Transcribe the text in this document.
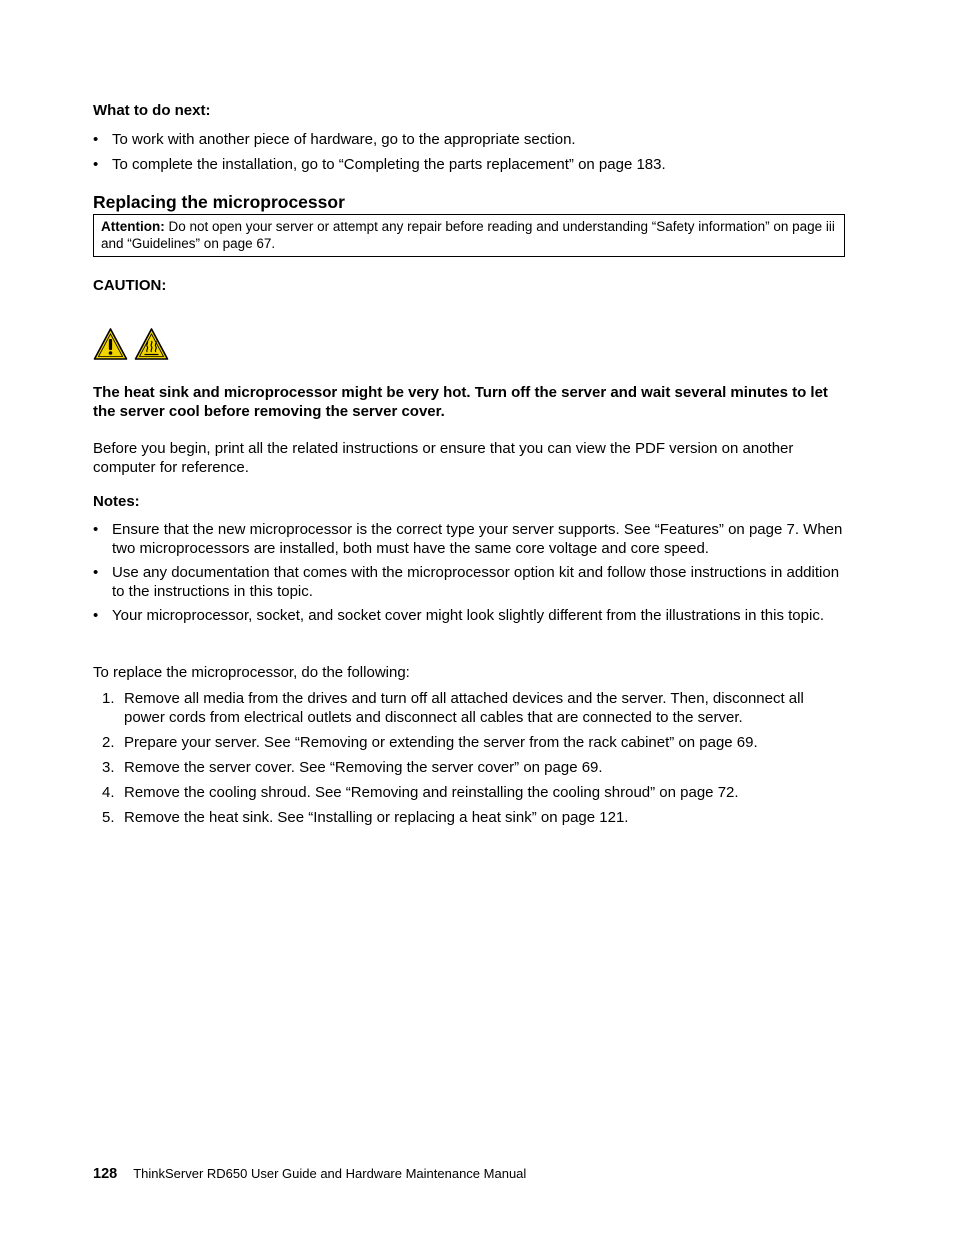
What to do next:
• To work with another piece of hardware, go to the appropriate section.
• To complete the installation, go to “Completing the parts replacement” on page 183.
Replacing the microprocessor
Attention: Do not open your server or attempt any repair before reading and understanding “Safety information” on page iii and “Guidelines” on page 67.
CAUTION:
The heat sink and microprocessor might be very hot. Turn off the server and wait several minutes to let the server cool before removing the server cover.
Before you begin, print all the related instructions or ensure that you can view the PDF version on another computer for reference.
Notes:
• Ensure that the new microprocessor is the correct type your server supports. See “Features” on page 7. When two microprocessors are installed, both must have the same core voltage and core speed.
• Use any documentation that comes with the microprocessor option kit and follow those instructions in addition to the instructions in this topic.
• Your microprocessor, socket, and socket cover might look slightly different from the illustrations in this topic.
To replace the microprocessor, do the following:
1. Remove all media from the drives and turn off all attached devices and the server. Then, disconnect all power cords from electrical outlets and disconnect all cables that are connected to the server.
2. Prepare your server. See “Removing or extending the server from the rack cabinet” on page 69.
3. Remove the server cover. See “Removing the server cover” on page 69.
4. Remove the cooling shroud. See “Removing and reinstalling the cooling shroud” on page 72.
5. Remove the heat sink. See “Installing or replacing a heat sink” on page 121.
128 ThinkServer RD650 User Guide and Hardware Maintenance Manual
